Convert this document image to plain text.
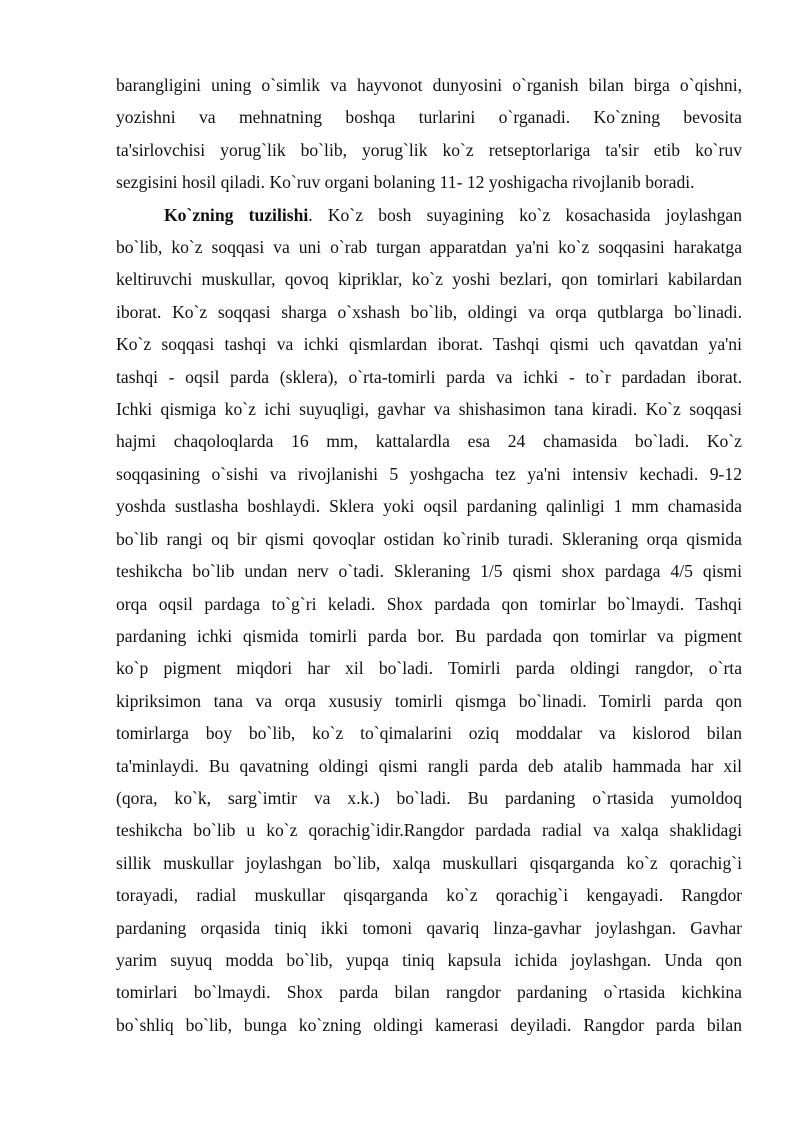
barangligini uning o`simlik va hayvonot dunyosini o`rganish bilan birga o`qishni,
yozishni va mehnatning boshqa turlarini o`rganadi. Ko`zning bevosita
ta'sirlovchisi yorug`lik bo`lib, yorug`lik ko`z retseptorlariga ta'sir etib ko`ruv
sezgisini hosil qiladi. Ko`ruv organi bolaning 11- 12 yoshigacha rivojlanib boradi.

Ko`zning tuzilishi. Ko`z bosh suyagining ko`z kosachasida joylashgan
bo`lib, ko`z soqqasi va uni o`rab turgan apparatdan ya'ni ko`z soqqasini harakatga
keltiruvchi muskullar, qovoq kipriklar, ko`z yoshi bezlari, qon tomirlari kabilardan
iborat. Ko`z soqqasi sharga o`xshash bo`lib, oldingi va orqa qutblarga bo`linadi.
Ko`z soqqasi tashqi va ichki qismlardan iborat. Tashqi qismi uch qavatdan ya'ni
tashqi - oqsil parda (sklera), o`rta-tomirli parda va ichki - to`r pardadan iborat.
Ichki qismiga ko`z ichi suyuqligi, gavhar va shishasimon tana kiradi. Ko`z soqqasi
hajmi chaqoloqlarda 16 mm, kattalardla esa 24 chamasida bo`ladi. Ko`z
soqqasining o`sishi va rivojlanishi 5 yoshgacha tez ya'ni intensiv kechadi. 9-12
yoshda sustlasha boshlaydi. Sklera yoki oqsil pardaning qalinligi 1 mm chamasida
bo`lib rangi oq bir qismi qovoqlar ostidan ko`rinib turadi. Skleraning orqa qismida
teshikcha bo`lib undan nerv o`tadi. Skleraning 1/5 qismi shox pardaga 4/5 qismi
orqa oqsil pardaga to`g`ri keladi. Shox pardada qon tomirlar bo`lmaydi. Tashqi
pardaning ichki qismida tomirli parda bor. Bu pardada qon tomirlar va pigment
ko`p pigment miqdori har xil bo`ladi. Tomirli parda oldingi rangdor, o`rta
kipriksimon tana va orqa xususiy tomirli qismga bo`linadi. Tomirli parda qon
tomirlarga boy bo`lib, ko`z to`qimalarini oziq moddalar va kislorod bilan
ta'minlaydi. Bu qavatning oldingi qismi rangli parda deb atalib hammada har xil
(qora, ko`k, sarg`imtir va x.k.) bo`ladi. Bu pardaning o`rtasida yumoldoq
teshikcha bo`lib u ko`z qorachig`idir.Rangdor pardada radial va xalqa shaklidagi
sillik muskullar joylashgan bo`lib, xalqa muskullari qisqarganda ko`z qorachig`i
torayadi, radial muskullar qisqarganda ko`z qorachig`i kengayadi. Rangdor
pardaning orqasida tiniq ikki tomoni qavariq linza-gavhar joylashgan. Gavhar
yarim suyuq modda bo`lib, yupqa tiniq kapsula ichida joylashgan. Unda qon
tomirlari bo`lmaydi. Shox parda bilan rangdor pardaning o`rtasida kichkina
bo`shliq bo`lib, bunga ko`zning oldingi kamerasi deyiladi. Rangdor parda bilan
